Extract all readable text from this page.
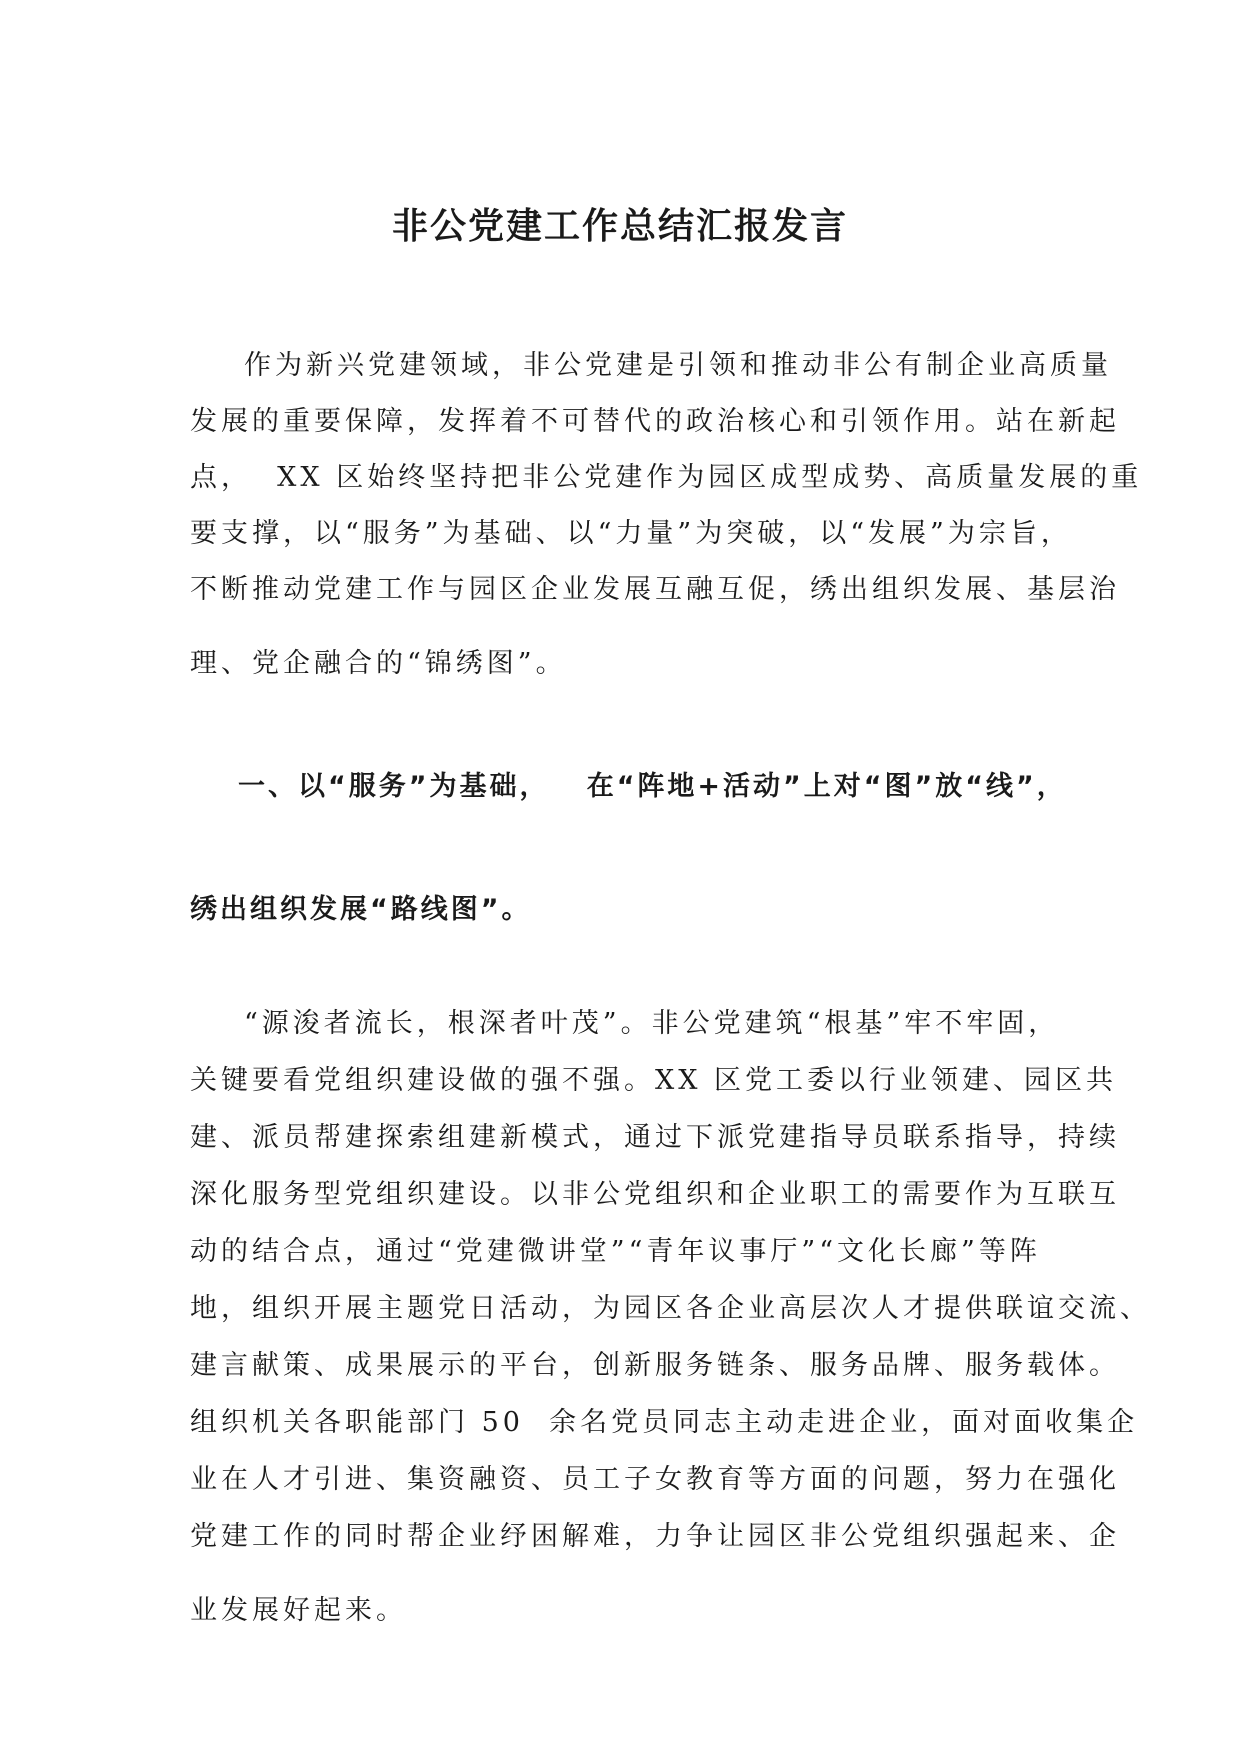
非公党建工作总结汇报发言
作为新兴党建领域，非公党建是引领和推动非公有制企业高质量
发展的重要保障，发挥着不可替代的政治核心和引领作用。站在新起
点，  XX 区始终坚持把非公党建作为园区成型成势、高质量发展的重
要支撑，以“服务”为基础、以“力量”为突破，以“发展”为宗旨，
不断推动党建工作与园区企业发展互融互促，绣出组织发展、基层治
理、党企融合的“锦绣图”。
一、以“服务”为基础，   在“阵地+活动”上对“图”放“线”，
绣出组织发展“路线图”。
“源浚者流长，根深者叶茂”。非公党建筑“根基”牢不牢固，
关键要看党组织建设做的强不强。XX 区党工委以行业领建、园区共
建、派员帮建探索组建新模式，通过下派党建指导员联系指导，持续
深化服务型党组织建设。以非公党组织和企业职工的需要作为互联互
动的结合点，通过“党建微讲堂”“青年议事厅”“文化长廊”等阵
地，组织开展主题党日活动，为园区各企业高层次人才提供联谊交流、
建言献策、成果展示的平台，创新服务链条、服务品牌、服务载体。
组织机关各职能部门 50  余名党员同志主动走进企业，面对面收集企
业在人才引进、集资融资、员工子女教育等方面的问题，努力在强化
党建工作的同时帮企业纾困解难，力争让园区非公党组织强起来、企
业发展好起来。
